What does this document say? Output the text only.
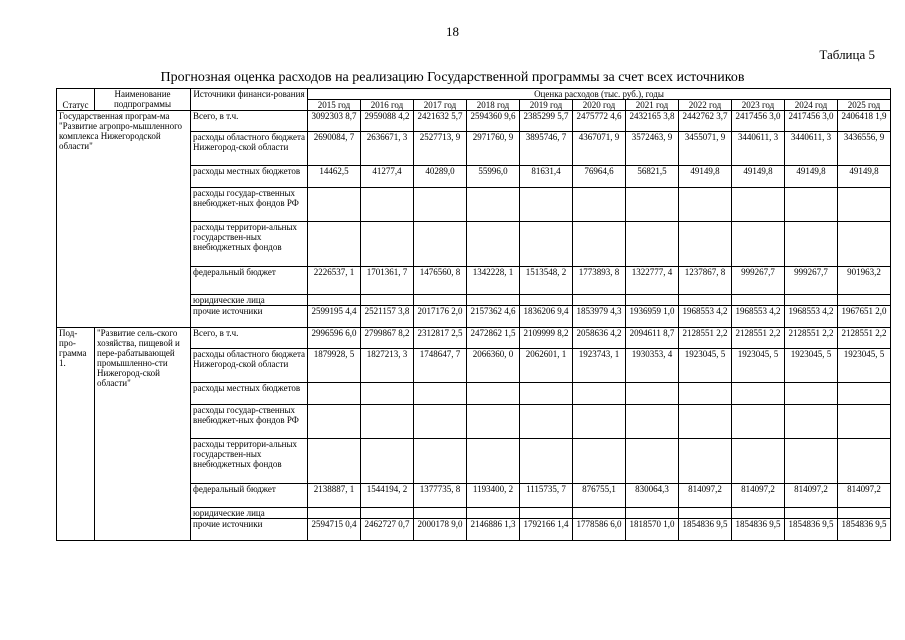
18
Таблица 5
Прогнозная оценка расходов на реализацию Государственной программы за счет всех источников
Статус	Наименование подпрограммы	Источники финанси-рования	Оценка расходов (тыс. руб.), годы										
			2015 год	2016 год	2017 год	2018 год	2019 год	2020 год	2021 год	2022 год	2023 год	2024 год	2025 год
Государственная програм-ма "Развитие агропро-мышленного комплекса Нижегородской области"		Всего, в т.ч.	3092303 8,7	2959088 4,2	2421632 5,7	2594360 9,6	2385299 5,7	2475772 4,6	2432165 3,8	2442762 3,7	2417456 3,0	2417456 3,0	2406418 1,9
		расходы областного бюджета Нижегород-ской области	2690084, 7	2636671, 3	2527713, 9	2971760, 9	3895746, 7	4367071, 9	3572463, 9	3455071, 9	3440611, 3	3440611, 3	3436556, 9
		расходы местных бюджетов	14462,5	41277,4	40289,0	55996,0	81631,4	76964,6	56821,5	49149,8	49149,8	49149,8	49149,8
		расходы государ-ственных внебюджет-ных фондов РФ											
		расходы территори-альных государствен-ных внебюджетных фондов											
		федеральный бюджет	2226537, 1	1701361, 7	1476560, 8	1342228, 1	1513548, 2	1773893, 8	1322777, 4	1237867, 8	999267,7	999267,7	901963,2
		юридические лица											
		прочие источники	2599195 4,4	2521157 3,8	2017176 2,0	2157362 4,6	1836206 9,4	1853979 4,3	1936959 1,0	1968553 4,2	1968553 4,2	1968553 4,2	1967651 2,0
Под-про-грамма 1.	"Развитие сель-ского хозяйства, пищевой и пере-рабатывающей промышленно-сти Нижегород-ской области"	Всего, в т.ч.	2996596 6,0	2799867 8,2	2312817 2,5	2472862 1,5	2109999 8,2	2058636 4,2	2094611 8,7	2128551 2,2	2128551 2,2	2128551 2,2	2128551 2,2
		расходы областного бюджета Нижегород-ской области	1879928, 5	1827213, 3	1748647, 7	2066360, 0	2062601, 1	1923743, 1	1930353, 4	1923045, 5	1923045, 5	1923045, 5	1923045, 5
		расходы местных бюджетов											
		расходы государ-ственных внебюджет-ных фондов РФ											
		расходы территори-альных государствен-ных внебюджетных фондов											
		федеральный бюджет	2138887, 1	1544194, 2	1377735, 8	1193400, 2	1115735, 7	876755,1	830064,3	814097,2	814097,2	814097,2	814097,2
		юридические лица											
		прочие источники	2594715 0,4	2462727 0,7	2000178 9,0	2146886 1,3	1792166 1,4	1778586 6,0	1818570 1,0	1854836 9,5	1854836 9,5	1854836 9,5	1854836 9,5
